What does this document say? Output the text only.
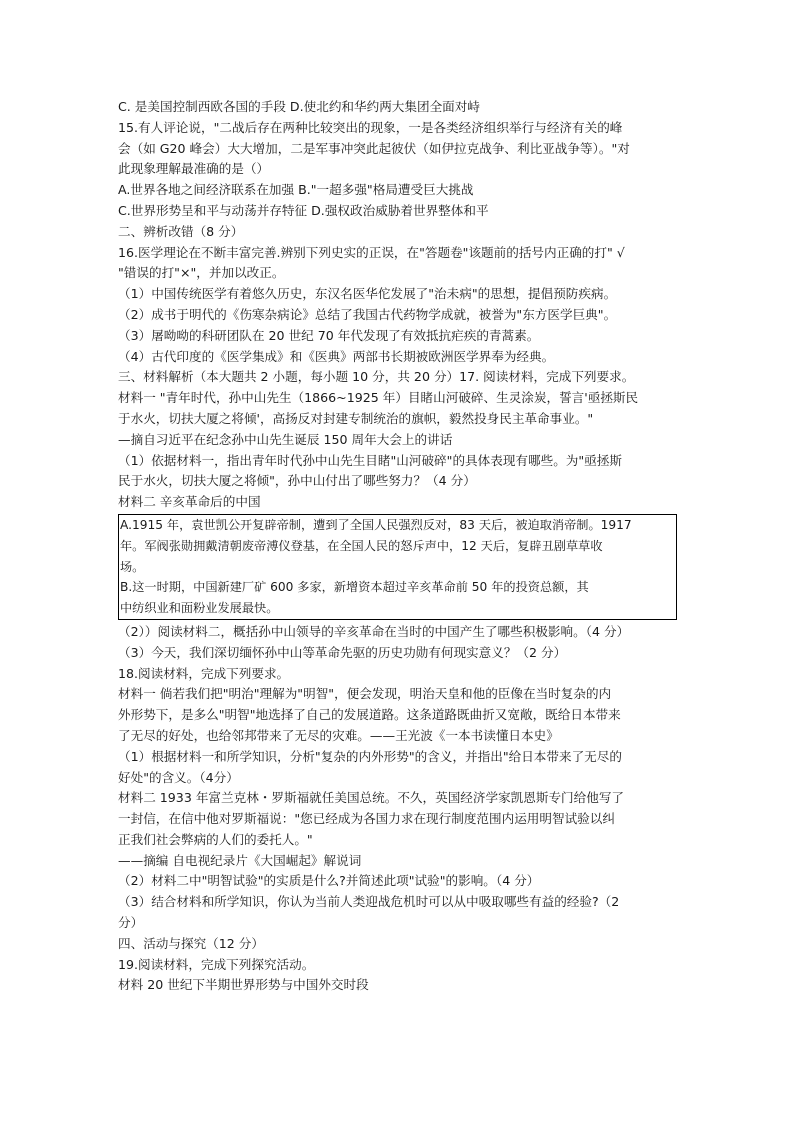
C. 是美国控制西欧各国的手段 D.使北约和华约两大集团全面对峙
15.有人评论说，"二战后存在两种比较突出的现象，一是各类经济组织举行与经济有关的峰
会（如 G20 峰会）大大增加，二是军事冲突此起彼伏（如伊拉克战争、利比亚战争等）。"对
此现象理解最准确的是（）
A.世界各地之间经济联系在加强 B."一超多强"格局遭受巨大挑战
C.世界形势呈和平与动荡并存特征 D.强权政治威胁着世界整体和平
二、辨析改错（8 分）
16.医学理论在不断丰富完善.辨别下列史实的正误，在"答题卷"该题前的括号内正确的打" √
"错误的打"×"，并加以改正。
（1）中国传统医学有着悠久历史，东汉名医华佗发展了"治未病"的思想，提倡预防疾病。
（2）成书于明代的《伤寒杂病论》总结了我国古代药物学成就，被誉为"东方医学巨典"。
（3）屠呦呦的科研团队在 20 世纪 70 年代发现了有效抵抗疟疾的青蒿素。
（4）古代印度的《医学集成》和《医典》两部书长期被欧洲医学界奉为经典。
三、材料解析（本大题共 2 小题，每小题 10 分，共 20 分）17. 阅读材料，完成下列要求。
材料一 "青年时代，孙中山先生（1866~1925 年）目睹山河破碎、生灵涂炭，誓言'亟拯斯民
于水火，切扶大厦之将倾'，高扬反对封建专制统治的旗帜，毅然投身民主革命事业。"
—摘自习近平在纪念孙中山先生诞辰 150 周年大会上的讲话
（1）依据材料一，指出青年时代孙中山先生目睹"山河破碎"的具体表现有哪些。为"亟拯斯
民于水火，切扶大厦之将倾"，孙中山付出了哪些努力？（4 分）
材料二 辛亥革命后的中国
A.1915 年，袁世凯公开复辟帝制，遭到了全国人民强烈反对，83 天后，被迫取消帝制。1917
年。军阀张勋拥戴清朝废帝溥仪登基，在全国人民的怒斥声中，12 天后，复辟丑剧草草收
场。
B.这一时期，中国新建厂矿 600 多家，新增资本超过辛亥革命前 50 年的投资总额，其
中纺织业和面粉业发展最快。
（2））阅读材料二，概括孙中山领导的辛亥革命在当时的中国产生了哪些积极影响。（4 分）
（3）今天，我们深切缅怀孙中山等革命先驱的历史功勋有何现实意义？（2 分）
18.阅读材料，完成下列要求。
材料一 倘若我们把"明治"理解为"明智"，便会发现，明治天皇和他的臣像在当时复杂的内
外形势下，是多么"明智"地选择了自己的发展道路。这条道路既曲折又宽敞，既给日本带来
了无尽的好处，也给邻邦带来了无尽的灾难。——王光波《一本书读懂日本史》
（1）根据材料一和所学知识，分析"复杂的内外形势"的含义，并指出"给日本带来了无尽的
好处"的含义。（4分）
材料二 1933 年富兰克林・罗斯福就任美国总统。不久，英国经济学家凯恩斯专门给他写了
一封信，在信中他对罗斯福说："您已经成为各国力求在现行制度范围内运用明智试验以纠
正我们社会弊病的人们的委托人。"
——摘编 自电视纪录片《大国崛起》解说词
（2）材料二中"明智试验"的实质是什么?并简述此项"试验"的影响。（4 分）
（3）结合材料和所学知识，你认为当前人类迎战危机时可以从中吸取哪些有益的经验?（2
分）
四、活动与探究（12 分）
19.阅读材料，完成下列探究活动。
材料 20 世纪下半期世界形势与中国外交时段
